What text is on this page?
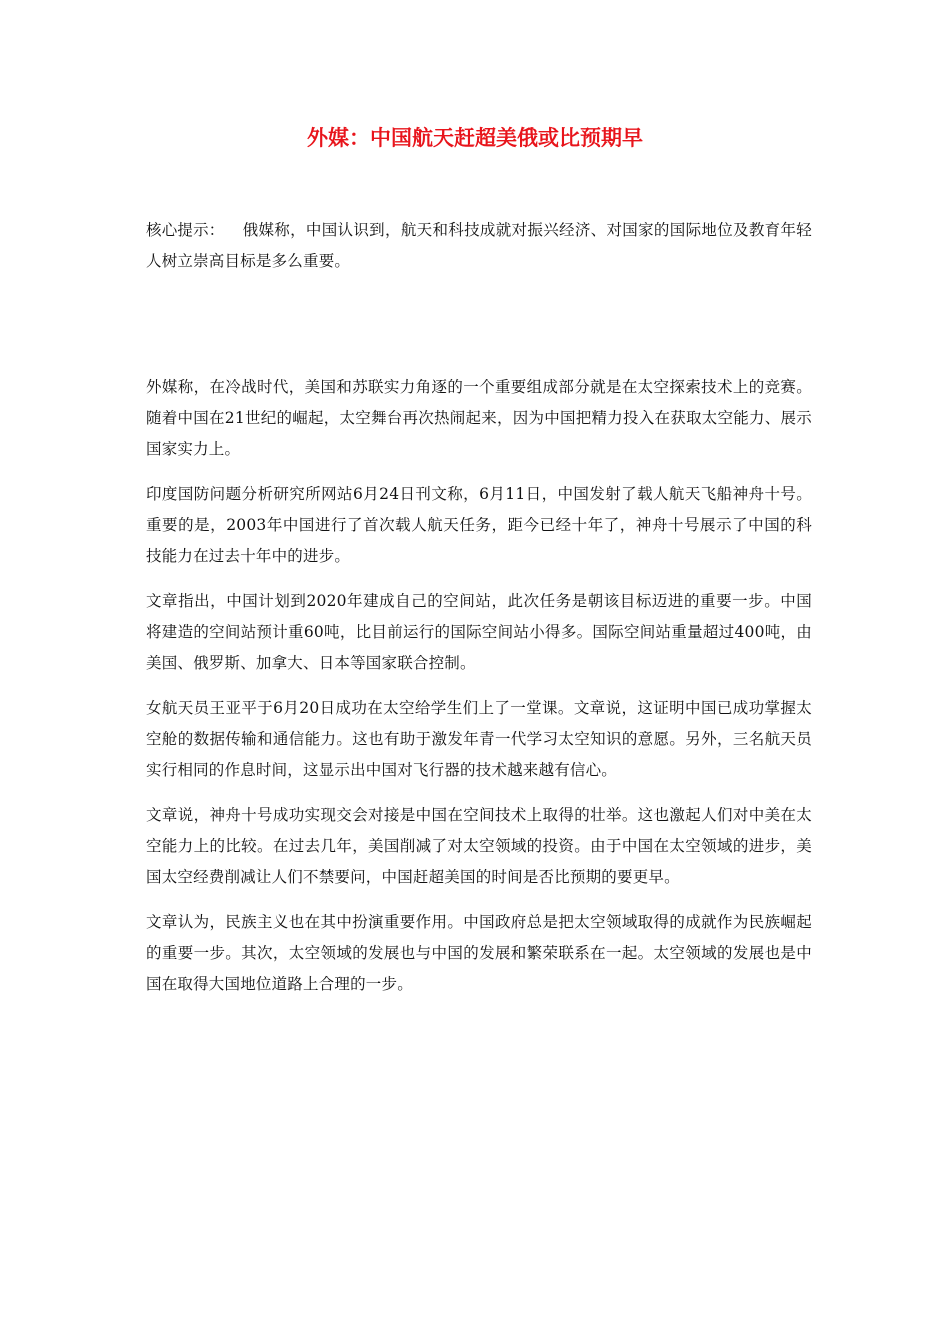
外媒：中国航天赶超美俄或比预期早

核心提示： 俄媒称，中国认识到，航天和科技成就对振兴经济、对国家的国际地位及教育年轻人树立崇高目标是多么重要。

外媒称，在冷战时代，美国和苏联实力角逐的一个重要组成部分就是在太空探索技术上的竞赛。随着中国在21世纪的崛起，太空舞台再次热闹起来，因为中国把精力投入在获取太空能力、展示国家实力上。

印度国防问题分析研究所网站6月24日刊文称，6月11日，中国发射了载人航天飞船神舟十号。重要的是，2003年中国进行了首次载人航天任务，距今已经十年了，神舟十号展示了中国的科技能力在过去十年中的进步。

文章指出，中国计划到2020年建成自己的空间站，此次任务是朝该目标迈进的重要一步。中国将建造的空间站预计重60吨，比目前运行的国际空间站小得多。国际空间站重量超过400吨，由美国、俄罗斯、加拿大、日本等国家联合控制。

女航天员王亚平于6月20日成功在太空给学生们上了一堂课。文章说，这证明中国已成功掌握太空舱的数据传输和通信能力。这也有助于激发年青一代学习太空知识的意愿。另外，三名航天员实行相同的作息时间，这显示出中国对飞行器的技术越来越有信心。

文章说，神舟十号成功实现交会对接是中国在空间技术上取得的壮举。这也激起人们对中美在太空能力上的比较。在过去几年，美国削减了对太空领域的投资。由于中国在太空领域的进步，美国太空经费削减让人们不禁要问，中国赶超美国的时间是否比预期的要更早。

文章认为，民族主义也在其中扮演重要作用。中国政府总是把太空领域取得的成就作为民族崛起的重要一步。其次，太空领域的发展也与中国的发展和繁荣联系在一起。太空领域的发展也是中国在取得大国地位道路上合理的一步。
